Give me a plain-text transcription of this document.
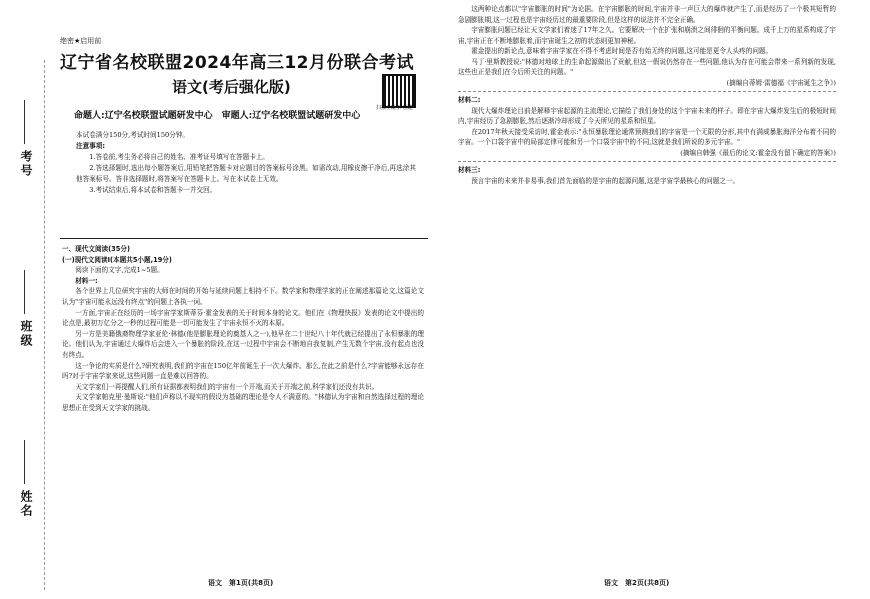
考号
班级
姓名
绝密★启用前
辽宁省名校联盟2024年高三12月份联合考试
语文(考后强化版)
扫描全能王 创建
命题人:辽宁名校联盟试题研发中心　审题人:辽宁名校联盟试题研发中心

本试卷满分150分,考试时间150分钟。

注意事项:

1.答卷前,考生务必将自己的姓名、准考证号填写在答题卡上。

2.答选择题时,选出每小题答案后,用铅笔把答题卡对应题目的答案标号涂黑。如需改动,用橡皮擦干净后,再选涂其他答案标号。答非选择题时,将答案写在答题卡上。写在本试卷上无效。

3.考试结束后,将本试卷和答题卡一并交回。

一、现代文阅读(35分)

(一)现代文阅读Ⅰ(本题共5小题,19分)

阅读下面的文字,完成1~5题。

材料一:

各个世界上几位研究宇宙的大师在时间的开始与延续问题上相持不下。数学家和物理学家的正在阐述那篇论文,这篇论文认为"宇宙可能永远没有终点"的问题上各执一词。

一方面,宇宙正在经历的一场宇宙学家斯蒂芬·霍金发表的关于时间本身的论文。他们在《物理快报》发表的论文中提出的论点是,最初万亿分之一秒的过程可能是一切可能发生了宇宙永恒不灭的本原。

另一方是美籍俄裔物理学家亚伦·林德(他是膨胀理论的奠基人之一),他早在二十世纪八十年代就已经提出了永恒暴胀的理论。他们认为,宇宙通过大爆炸后会进入一个暴胀的阶段,在这一过程中宇宙会不断地自我复制,产生无数个宇宙,没有起点也没有终点。

这一争论的实质是什么?研究表明,我们的宇宙在150亿年前诞生于一次大爆炸。那么,在此之前是什么?宇宙能够永远存在吗?对于宇宙学家来说,这些问题一直是难以回答的。

天文学家们一再提醒人们,所有证据都表明我们的宇宙有一个开端,而关于开端之前,科学家们还没有共识。

天文学家帕克里·曼斯说:"他们声称以不现实的假设为基础的理论是令人不满意的。"林德认为宇宙和自然选择过程的理论思想正在受到天文学家的挑战。

这两种论点都以"宇宙膨胀的时间"为论据。在宇宙膨胀的时间,宇宙并非一声巨大的爆炸就产生了,而是经历了一个极其短暂的急剧膨胀期,这一过程也是宇宙经历过的最重要阶段,但是这样的说法并不完全正确。

宇宙膨胀问题已经让天文学家们着迷了17年之久。它要解决一个在扩张和崩溃之间徘徊的平衡问题。成千上万的星系构成了宇宙,宇宙正在不断地膨胀着,而宇宙诞生之初的状态则更加神秘。

霍金提出的新论点,意味着宇宙学家在不得不考虑时间是否有始无终的问题,这可能是更令人头疼的问题。

马丁·里斯教授说:"林德对地球上的生命起源做出了贡献,但这一假说仍然存在一些问题,他认为存在可能会带来一系列新的发现,这些也正是我们在今后所关注的问题。"

(摘编自蒂姆·雷德福《宇宙诞生之争》)

材料二:

现代大爆炸理论目前是解释宇宙起源的主流理论,它描绘了我们身处的这个宇宙未来的样子。即在宇宙大爆炸发生后的极短时间内,宇宙经历了急剧膨胀,然后逐渐冷却形成了今天所见的星系和恒星。

在2017年秋天接受采访时,霍金表示:"永恒暴胀理论通常预测我们的宇宙是一个无限的分形,其中有满威暴胀海洋分布着不同的宇宙。一个口袋宇宙中的局部定律可能和另一个口袋宇宙中的不同,这就是我们所说的多元宇宙。"

(摘编自韩强《最后的论文:霍金没有留下确定的答案》)

材料三:

预言宇宙的未来并非易事,我们首先面临的是宇宙的起源问题,这是宇宙学最核心的问题之一。

语文　第1页(共8页)	语文　第2页(共8页)
